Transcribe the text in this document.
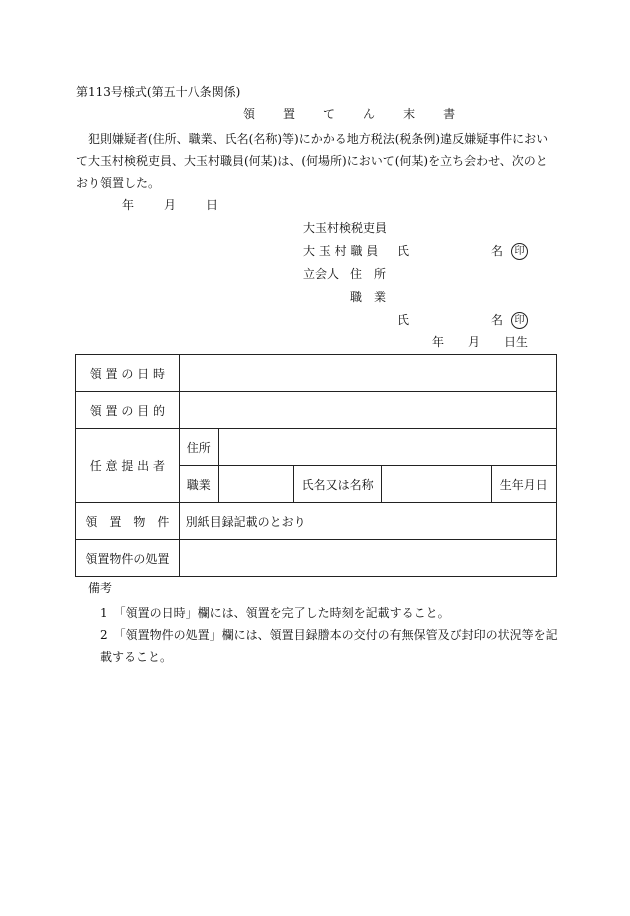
第113号様式(第五十八条関係)
領 置 て ん 末 書
犯則嫌疑者(住所、職業、氏名(名称)等)にかかる地方税法(税条例)違反嫌疑事件において大玉村検税吏員、大玉村職員(何某)は、(何場所)において(何某)を立ち会わせ、次のとおり領置した。
年	月	日
大玉村検税吏員
大 玉 村 職 員 氏	名	印
立会人 住　所
職　業
氏	名	印
年 月 日生
領 置 の 日 時					
領 置 の 目 的					
任 意 提 出 者	住所				
	職業		氏名又は名称		生年月日
領　置　物　件	別紙目録記載のとおり				
領置物件の処置					
備考
1　「領置の日時」欄には、領置を完了した時刻を記載すること。
2　「領置物件の処置」欄には、領置目録謄本の交付の有無保管及び封印の状況等を記載すること。
